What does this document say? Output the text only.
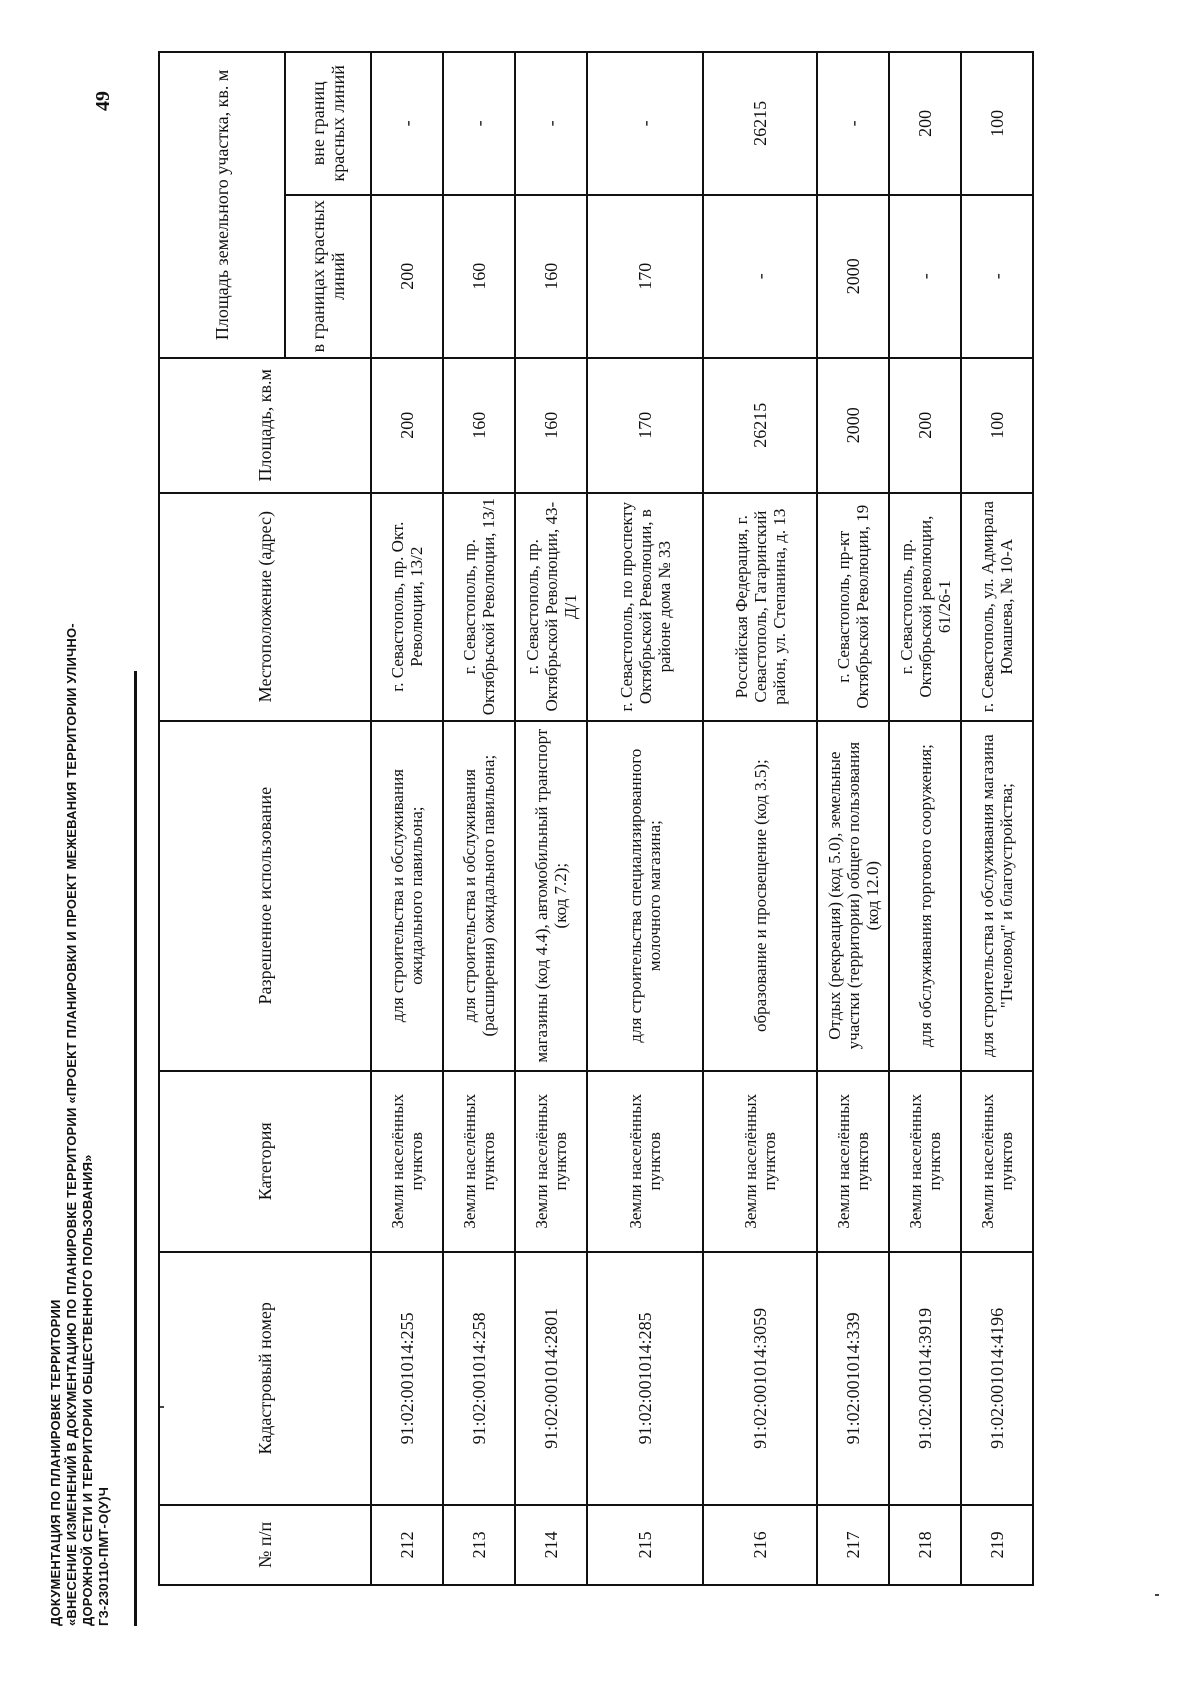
ДОКУМЕНТАЦИЯ ПО ПЛАНИРОВКЕ ТЕРРИТОРИИ «ВНЕСЕНИЕ ИЗМЕНЕНИЙ В ДОКУМЕНТАЦИЮ ПО ПЛАНИРОВКЕ ТЕРРИТОРИИ «ПРОЕКТ ПЛАНИРОВКИ И ПРОЕКТ МЕЖЕВАНИЯ ТЕРРИТОРИИ УЛИЧНО- ДОРОЖНОЙ СЕТИ И ТЕРРИТОРИИ ОБЩЕСТВЕННОГО ПОЛЬЗОВАНИЯ» ГЗ-230110-ПМТ-О(У)Ч
49
№ п/п	Кадастровый номер	Категория	Разрешенное использование	Местоположение (адрес)	Площадь, кв.м	Площадь земельного участка, кв. м	
						в границах красных линий	вне границ красных линий
212	91:02:001014:255	Земли населённых пунктов	для строительства и обслуживания ожидального павильона;	г. Севастополь, пр. Окт. Революции, 13/2	200	200	-
213	91:02:001014:258	Земли населённых пунктов	для строительства и обслуживания (расширения) ожидального павильона;	г. Севастополь, пр. Октябрьской Революции, 13/1	160	160	-
214	91:02:001014:2801	Земли населённых пунктов	магазины (код 4.4), автомобильный транспорт (код 7.2);	г. Севастополь, пр. Октябрьской Революции, 43-Д/1	160	160	-
215	91:02:001014:285	Земли населённых пунктов	для строительства специализированного молочного магазина;	г. Севастополь, по проспекту Октябрьской Революции, в районе дома № 33	170	170	-
216	91:02:001014:3059	Земли населённых пунктов	образование и просвещение (код 3.5);	Российская Федерация, г. Севастополь, Гагаринский район, ул. Степанина, д. 13	26215	-	26215
217	91:02:001014:339	Земли населённых пунктов	Отдых (рекреация) (код 5.0), земельные участки (территории) общего пользования (код 12.0)	г. Севастополь, пр-кт Октябрьской Революции, 19	2000	2000	-
218	91:02:001014:3919	Земли населённых пунктов	для обслуживания торгового сооружения;	г. Севастополь, пр. Октябрьской революции, 61/26-1	200	-	200
219	91:02:001014:4196	Земли населённых пунктов	для строительства и обслуживания магазина "Пчеловод" и благоустройства;	г. Севастополь, ул. Адмирала Юмашева, № 10-А	100	-	100
